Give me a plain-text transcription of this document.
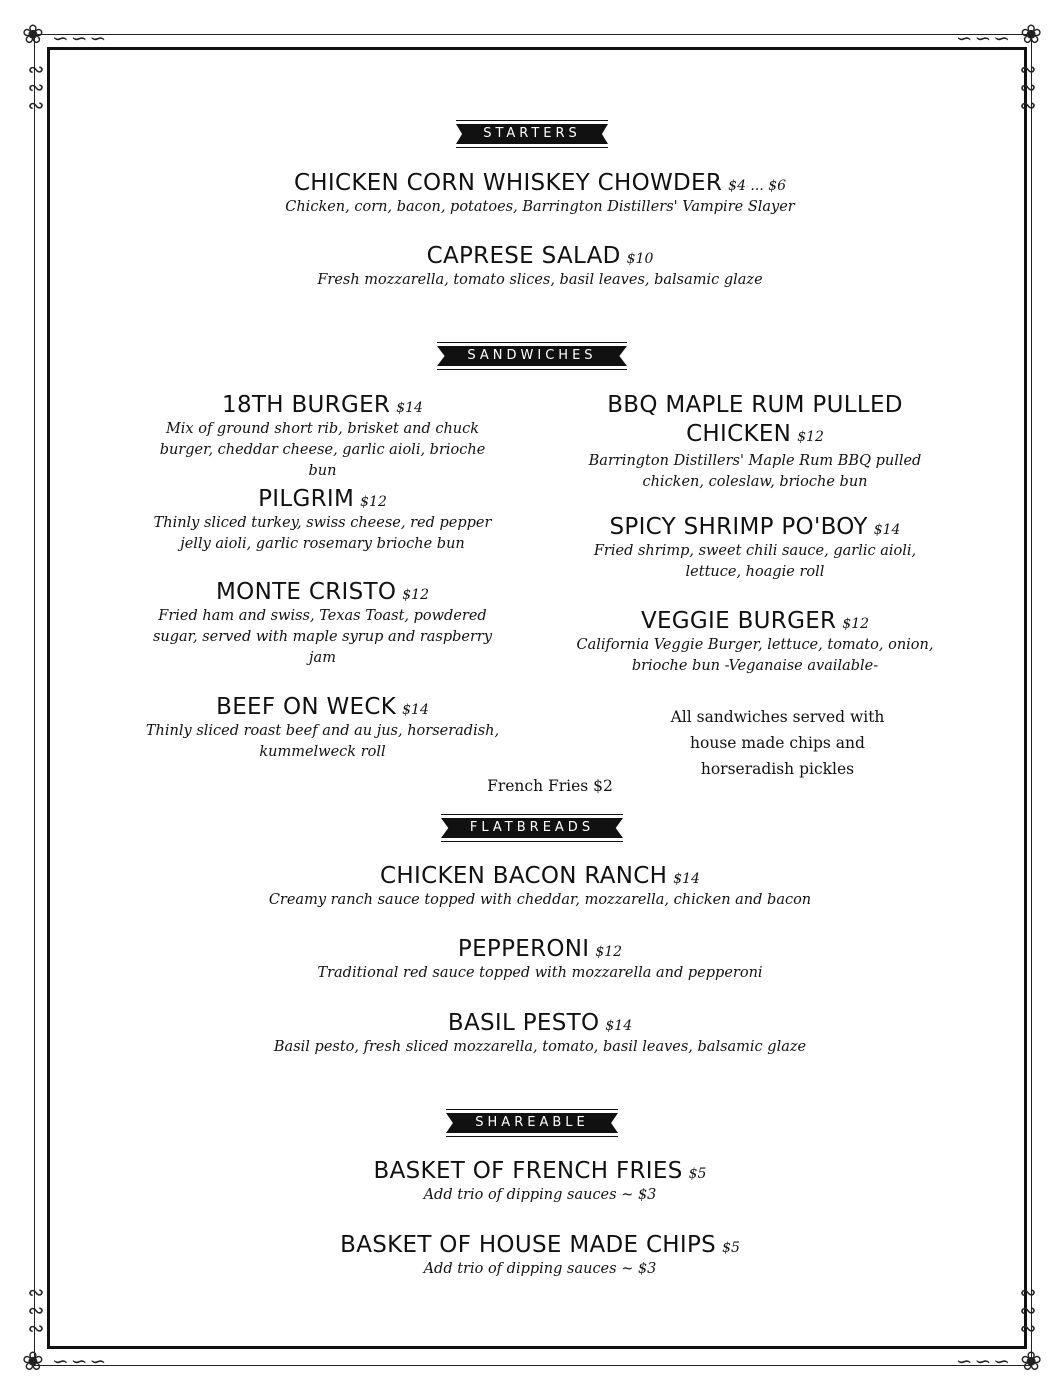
❀	❀
❀	❀
∽∽∽	∽∽∽
∽∽∽	∽∽∽
∾
∾
∾
∾
∾
∾
∾
∾
∾
∾
∾
∾
STARTERS
CHICKEN CORN WHISKEY CHOWDER $4 ... $6
Chicken, corn, bacon, potatoes, Barrington Distillers' Vampire Slayer
CAPRESE SALAD $10
Fresh mozzarella, tomato slices, basil leaves, balsamic glaze
SANDWICHES
18TH BURGER $14
Mix of ground short rib, brisket and chuck burger, cheddar cheese, garlic aioli, brioche bun
PILGRIM $12
Thinly sliced turkey, swiss cheese, red pepper jelly aioli, garlic rosemary brioche bun
MONTE CRISTO $12
Fried ham and swiss, Texas Toast, powdered sugar, served with maple syrup and raspberry jam
BEEF ON WECK $14
Thinly sliced roast beef and au jus, horseradish, kummelweck roll
BBQ MAPLE RUM PULLED CHICKEN $12
Barrington Distillers' Maple Rum BBQ pulled chicken, coleslaw, brioche bun
SPICY SHRIMP PO'BOY $14
Fried shrimp, sweet chili sauce, garlic aioli, lettuce, hoagie roll
VEGGIE BURGER $12
California Veggie Burger, lettuce, tomato, onion, brioche bun -Veganaise available-
All sandwiches served with house made chips and horseradish pickles
French Fries $2
FLATBREADS
CHICKEN BACON RANCH $14
Creamy ranch sauce topped with cheddar, mozzarella, chicken and bacon
PEPPERONI $12
Traditional red sauce topped with mozzarella and pepperoni
BASIL PESTO $14
Basil pesto, fresh sliced mozzarella, tomato, basil leaves, balsamic glaze
SHAREABLE
BASKET OF FRENCH FRIES $5
Add trio of dipping sauces ~ $3
BASKET OF HOUSE MADE CHIPS $5
Add trio of dipping sauces ~ $3
